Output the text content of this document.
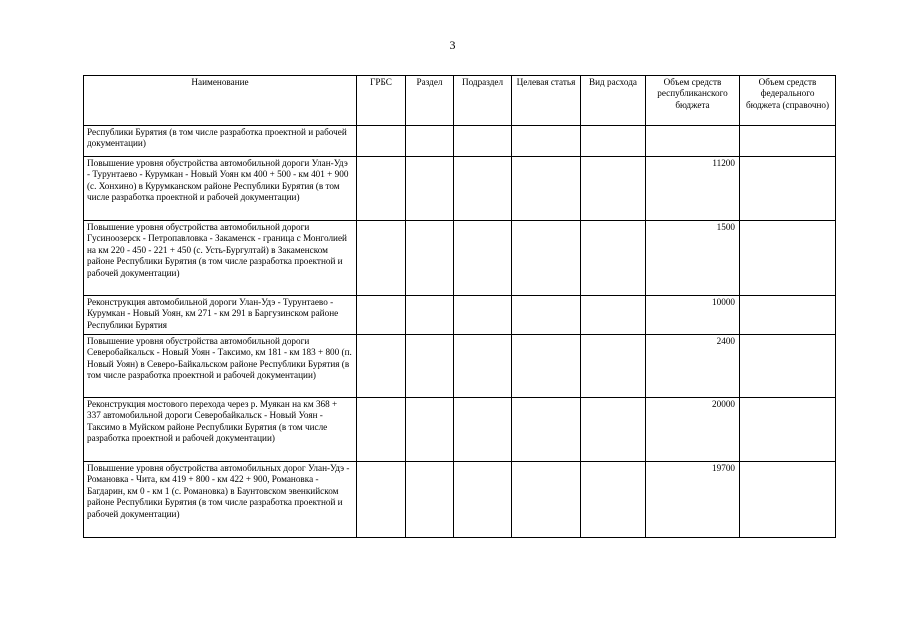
3
Наименование	ГРБС	Раздел	Подраздел	Целевая статья	Вид расхода	Объем средств республиканского бюджета	Объем средств федерального бюджета (справочно)
Республики Бурятия (в том числе разработка проектной и рабочей документации)							
Повышение уровня обустройства автомобильной дороги Улан-Удэ - Турунтаево - Курумкан - Новый Уоян км 400 + 500 - км 401 + 900 (с. Хонхино) в Курумканском районе Республики Бурятия (в том числе разработка проектной и рабочей документации)						11200	
Повышение уровня обустройства автомобильной дороги Гусиноозерск - Петропавловка - Закаменск - граница с Монголией на км 220 - 450 - 221 + 450 (с. Усть-Бургултай) в Закаменском районе Республики Бурятия (в том числе разработка проектной и рабочей документации)						1500	
Реконструкция автомобильной дороги Улан-Удэ - Турунтаево - Курумкан - Новый Уоян, км 271 - км 291 в Баргузинском районе Республики Бурятия						10000	
Повышение уровня обустройства автомобильной дороги Северобайкальск - Новый Уоян - Таксимо, км 181 - км 183 + 800 (п. Новый Уоян) в Северо-Байкальском районе Республики Бурятия (в том числе разработка проектной и рабочей документации)						2400	
Реконструкция мостового перехода через р. Муякан на км 368 + 337 автомобильной дороги Северобайкальск - Новый Уоян - Таксимо в Муйском районе Республики Бурятия (в том числе разработка проектной и рабочей документации)						20000	
Повышение уровня обустройства автомобильных дорог Улан-Удэ - Романовка - Чита, км 419 + 800 - км 422 + 900, Романовка - Багдарин, км 0 - км 1 (с. Романовка) в Баунтовском эвенкийском районе Республики Бурятия (в том числе разработка проектной и рабочей документации)						19700	
